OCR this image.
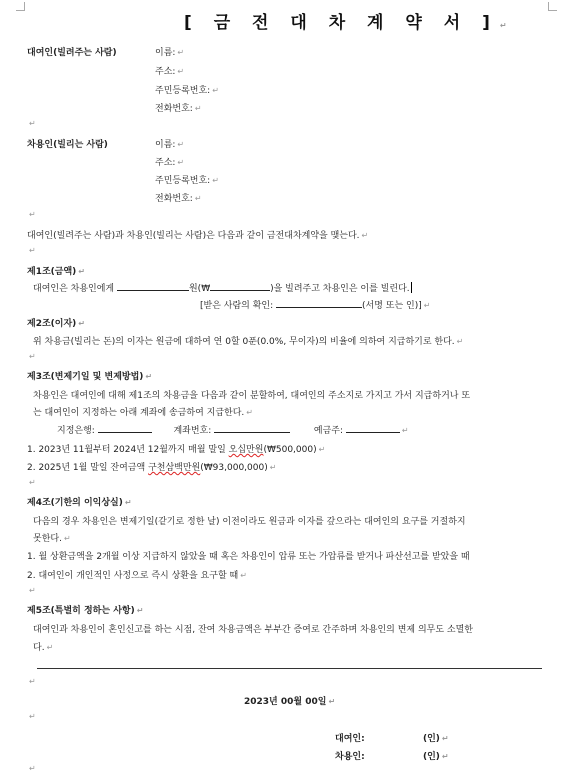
[ 금 전 대 차 계 약 서 ] ↵
대여인(빌려주는 사람)	이름: ↵
주소: ↵
주민등록번호: ↵
전화번호: ↵
↵
차용인(빌리는 사람)	이름: ↵
주소: ↵
주민등록번호: ↵
전화번호: ↵
↵
대여인(빌려주는 사람)과 차용인(빌리는 사람)은 다음과 같이 금전대차계약을 맺는다. ↵
↵
제1조(금액) ↵
대여인은 차용인에게	원(₩	)을 빌려주고 차용인은 이를 빌린다.
[받은 사람의 확인:	(서명 또는 인)] ↵
제2조(이자) ↵
위 차용금(빌리는 돈)의 이자는 원금에 대하여 연 0할 0푼(0.0%, 무이자)의 비율에 의하여 지급하기로 한다. ↵
↵
제3조(변제기일 및 변제방법) ↵
차용인은 대여인에 대해 제1조의 차용금을 다음과 같이 분할하여, 대여인의 주소지로 가지고 가서 지급하거나 또
는 대여인이 지정하는 아래 계좌에 송금하여 지급한다. ↵
지정은행:	계좌번호:	예금주:	↵
1. 2023년 11월부터 2024년 12월까지 매월 말일 오십만원(₩500,000) ↵
2. 2025년 1월 말일 잔여금액 구천삼백만원(₩93,000,000) ↵
↵
제4조(기한의 이익상실) ↵
다음의 경우 차용인은 변제기일(같기로 정한 날) 이전이라도 원금과 이자를 갚으라는 대여인의 요구를 거절하지
못한다. ↵
1. 월 상환금액을 2개월 이상 지급하지 않았을 때 혹은 차용인이 압류 또는 가압류를 받거나 파산선고를 받았을 때
2. 대여인이 개인적인 사정으로 즉시 상환을 요구할 때 ↵
↵
제5조(특별히 정하는 사항) ↵
대여인과 차용인이 혼인신고를 하는 시점, 잔여 차용금액은 부부간 증여로 간주하며 차용인의 변제 의무도 소멸한
다. ↵
↵
2023년 00월 00일 ↵
↵
대여인:	(인) ↵
차용인:	(인) ↵
↵
